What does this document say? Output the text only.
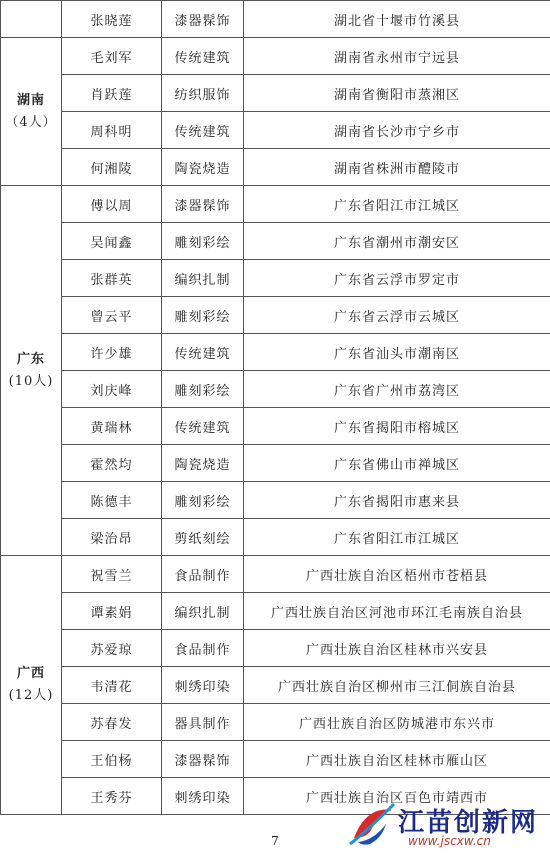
	张晓莲	漆器髹饰	湖北省十堰市竹溪县

湖南
（4人）	毛刘军	传统建筑	湖南省永州市宁远县
	肖跃莲	纺织服饰	湖南省衡阳市蒸湘区
	周科明	传统建筑	湖南省长沙市宁乡市
	何湘陵	陶瓷烧造	湖南省株洲市醴陵市

广东
(10人)	傅以周	漆器髹饰	广东省阳江市江城区
	吴闻鑫	雕刻彩绘	广东省潮州市潮安区
	张群英	编织扎制	广东省云浮市罗定市
	曾云平	雕刻彩绘	广东省云浮市云城区
	许少雄	传统建筑	广东省汕头市潮南区
	刘庆峰	雕刻彩绘	广东省广州市荔湾区
	黄瑞林	传统建筑	广东省揭阳市榕城区
	霍然均	陶瓷烧造	广东省佛山市禅城区
	陈德丰	雕刻彩绘	广东省揭阳市惠来县
	梁治昂	剪纸刻绘	广东省阳江市江城区

广西
(12人)	祝雪兰	食品制作	广西壮族自治区梧州市苍梧县
	谭素娟	编织扎制	广西壮族自治区河池市环江毛南族自治县
	苏爱琼	食品制作	广西壮族自治区桂林市兴安县
	韦清花	刺绣印染	广西壮族自治区柳州市三江侗族自治县
	苏春发	器具制作	广西壮族自治区防城港市东兴市
	王伯杨	漆器髹饰	广西壮族自治区桂林市雁山区
	王秀芬	刺绣印染	广西壮族自治区百色市靖西市
7
江苗创新网
www.jscxw.cn
